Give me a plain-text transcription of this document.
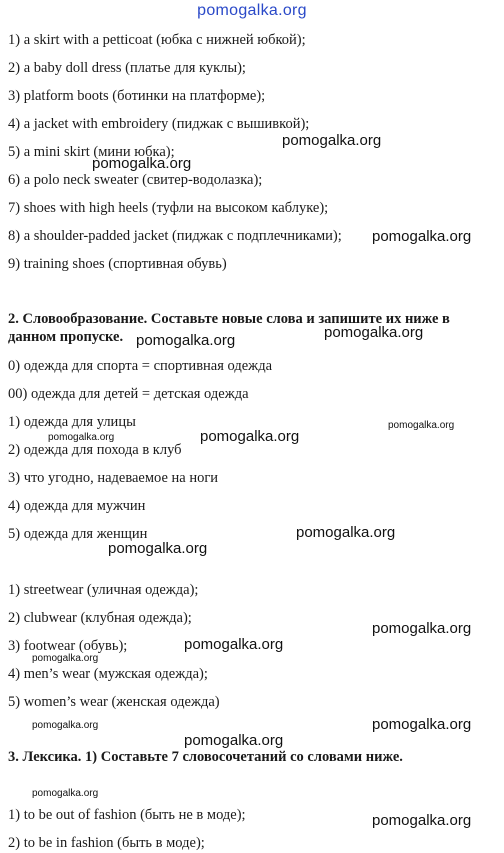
pomogalka.org
1) a skirt with a petticoat (юбка с нижней юбкой);
2) a baby doll dress (платье для куклы);
3) platform boots (ботинки на платформе);
4) a jacket with embroidery (пиджак с вышивкой);
5) a mini skirt (мини юбка);
6) a polo neck sweater (свитер-водолазка);
7) shoes with high heels (туфли на высоком каблуке);
8) a shoulder-padded jacket (пиджак с подплечниками);
9) training shoes (спортивная обувь)
2. Словообразование. Составьте новые слова и запишите их ниже в данном пропуске.
0) одежда для спорта = спортивная одежда
00) одежда для детей = детская одежда
1) одежда для улицы
2) одежда для похода в клуб
3) что угодно, надеваемое на ноги
4) одежда для мужчин
5) одежда для женщин
1) streetwear (уличная одежда);
2) clubwear (клубная одежда);
3) footwear (обувь);
4) men’s wear (мужская одежда);
5) women’s wear (женская одежда)
3. Лексика. 1) Составьте 7 словосочетаний со словами ниже.
1) to be out of fashion (быть не в моде);
2) to be in fashion (быть в моде);
pomogalka.org
pomogalka.org
pomogalka.org
pomogalka.org
pomogalka.org
pomogalka.org
pomogalka.org
pomogalka.org
pomogalka.org
pomogalka.org
pomogalka.org
pomogalka.org
pomogalka.org
pomogalka.org
pomogalka.org
pomogalka.org
pomogalka.org
pomogalka.org
